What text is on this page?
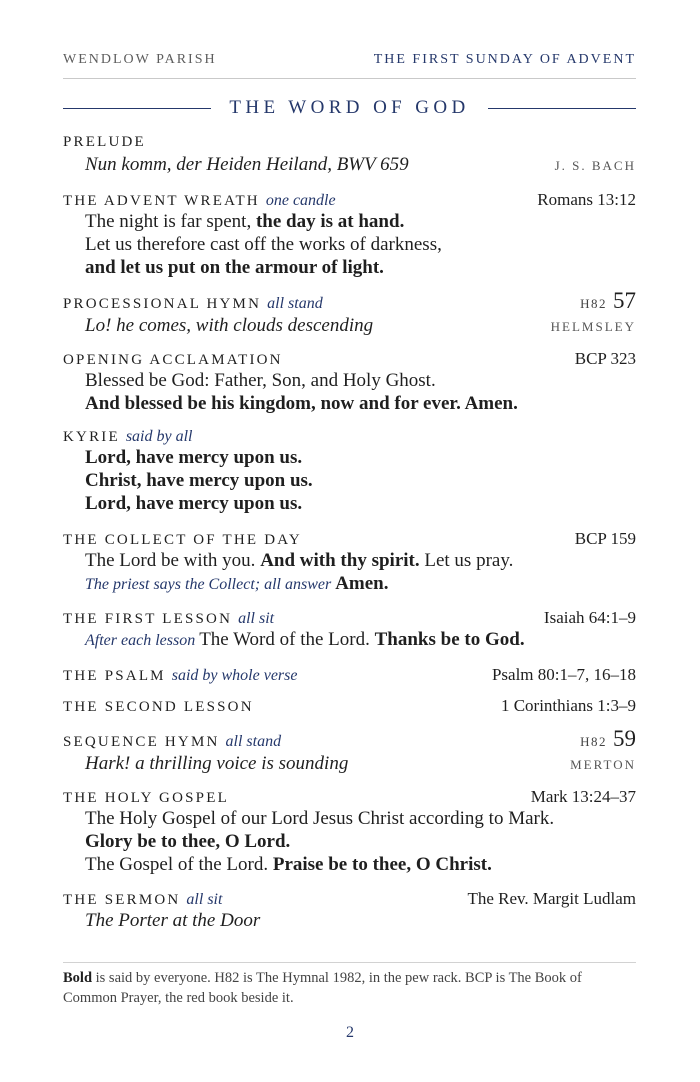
WENDLOW PARISH	THE FIRST SUNDAY OF ADVENT
THE WORD OF GOD
PRELUDE
Nun komm, der Heiden Heiland, BWV 659	J. S. BACH
THE ADVENT WREATH one candle	Romans 13:12
The night is far spent, the day is at hand.
Let us therefore cast off the works of darkness,
and let us put on the armour of light.
PROCESSIONAL HYMN all stand	H82 57
Lo! he comes, with clouds descending	HELMSLEY
OPENING ACCLAMATION	BCP 323
Blessed be God: Father, Son, and Holy Ghost.
And blessed be his kingdom, now and for ever. Amen.
KYRIE said by all
Lord, have mercy upon us.
Christ, have mercy upon us.
Lord, have mercy upon us.
THE COLLECT OF THE DAY	BCP 159
The Lord be with you. And with thy spirit. Let us pray.
The priest says the Collect; all answer Amen.
THE FIRST LESSON all sit	Isaiah 64:1–9
After each lesson The Word of the Lord. Thanks be to God.
THE PSALM said by whole verse	Psalm 80:1–7, 16–18
THE SECOND LESSON	1 Corinthians 1:3–9
SEQUENCE HYMN all stand	H82 59
Hark! a thrilling voice is sounding	MERTON
THE HOLY GOSPEL	Mark 13:24–37
The Holy Gospel of our Lord Jesus Christ according to Mark.
Glory be to thee, O Lord.
The Gospel of the Lord. Praise be to thee, O Christ.
THE SERMON all sit	The Rev. Margit Ludlam
The Porter at the Door
Bold is said by everyone. H82 is The Hymnal 1982, in the pew rack. BCP is The Book of Common Prayer, the red book beside it.
2
